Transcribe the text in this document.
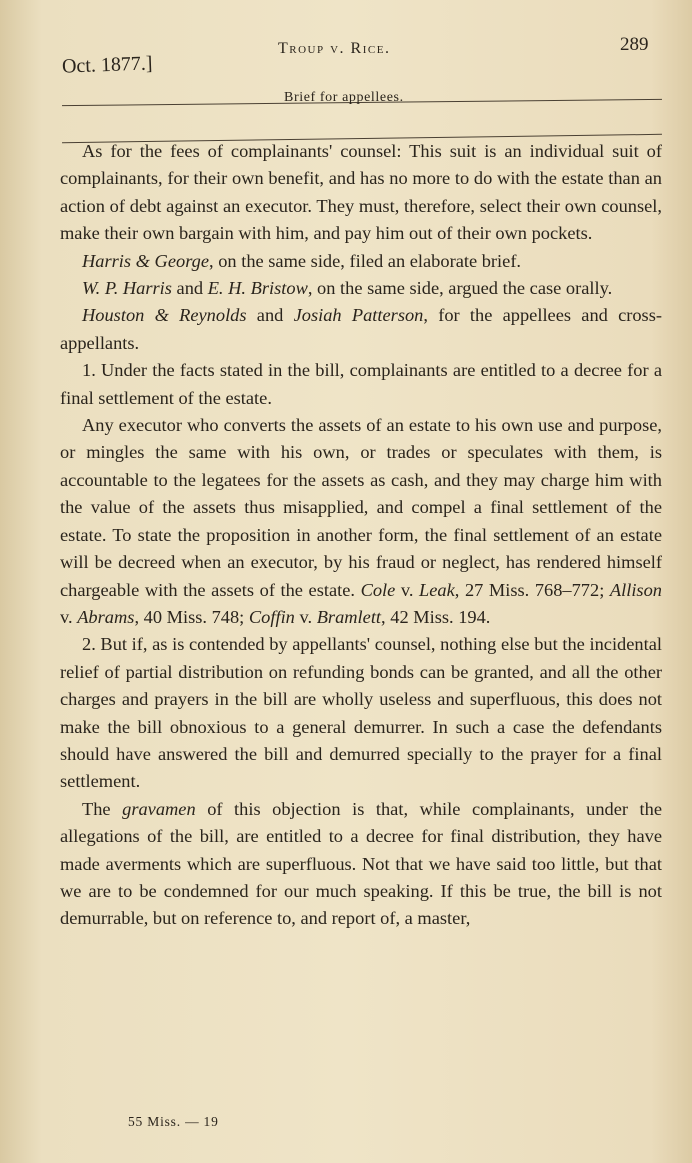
Oct. 1877.]
Troup v. Rice.	289
Brief for appellees.

As for the fees of complainants' counsel: This suit is an individual suit of complainants, for their own benefit, and has no more to do with the estate than an action of debt against an executor. They must, therefore, select their own counsel, make their own bargain with him, and pay him out of their own pockets.

Harris & George, on the same side, filed an elaborate brief.

W. P. Harris and E. H. Bristow, on the same side, argued the case orally.

Houston & Reynolds and Josiah Patterson, for the appellees and cross-appellants.

1. Under the facts stated in the bill, complainants are entitled to a decree for a final settlement of the estate.

Any executor who converts the assets of an estate to his own use and purpose, or mingles the same with his own, or trades or speculates with them, is accountable to the legatees for the assets as cash, and they may charge him with the value of the assets thus misapplied, and compel a final settlement of the estate. To state the proposition in another form, the final settlement of an estate will be decreed when an executor, by his fraud or neglect, has rendered himself chargeable with the assets of the estate. Cole v. Leak, 27 Miss. 768–772; Allison v. Abrams, 40 Miss. 748; Coffin v. Bramlett, 42 Miss. 194.

2. But if, as is contended by appellants' counsel, nothing else but the incidental relief of partial distribution on refunding bonds can be granted, and all the other charges and prayers in the bill are wholly useless and superfluous, this does not make the bill obnoxious to a general demurrer. In such a case the defendants should have answered the bill and demurred specially to the prayer for a final settlement.

The gravamen of this objection is that, while complainants, under the allegations of the bill, are entitled to a decree for final distribution, they have made averments which are superfluous. Not that we have said too little, but that we are to be condemned for our much speaking. If this be true, the bill is not demurrable, but on reference to, and report of, a master,

55 Miss. — 19
